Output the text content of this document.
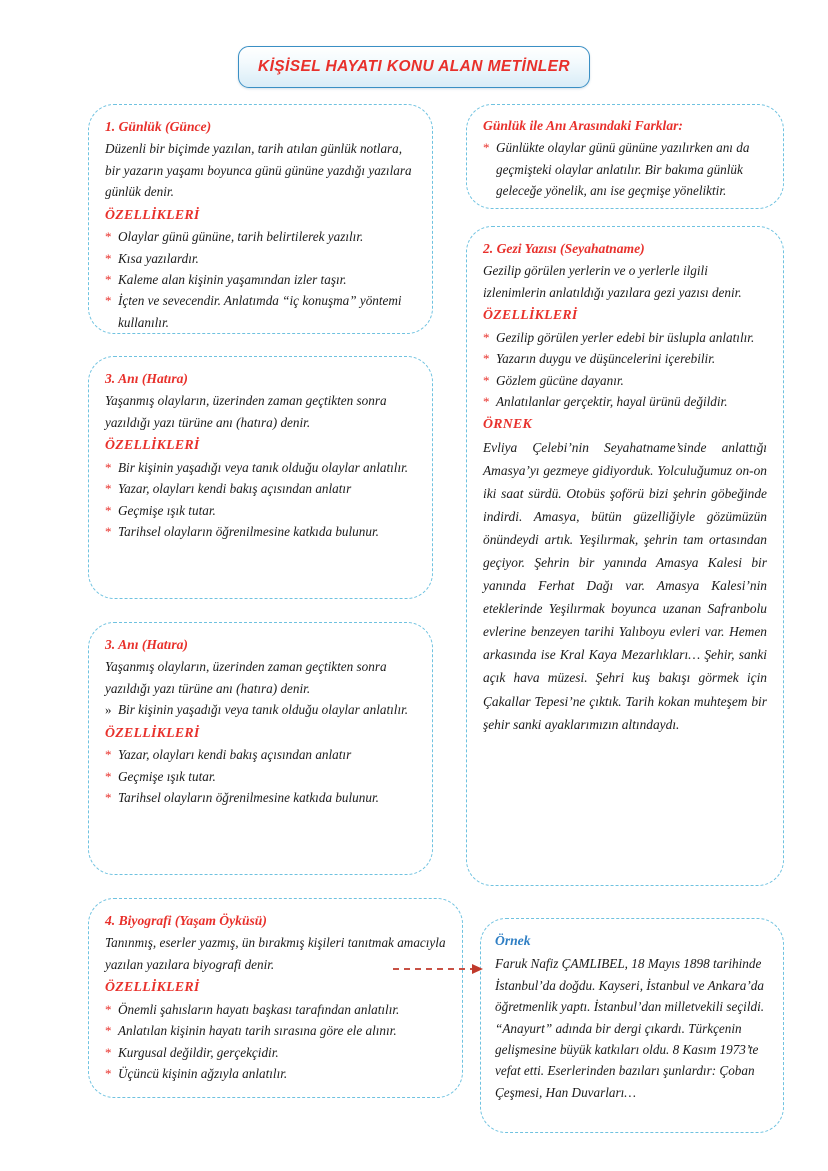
KİŞİSEL HAYATI KONU ALAN METİNLER
1. Günlük (Günce)

Düzenli bir biçimde yazılan, tarih atılan günlük notlara, bir yazarın yaşamı boyunca günü gününe yazdığı yazılara günlük denir.

ÖZELLİKLERİ
* Olaylar günü gününe, tarih belirtilerek yazılır.
* Kısa yazılardır.
* Kaleme alan kişinin yaşamından izler taşır.
* İçten ve sevecendir. Anlatımda “iç konuşma” yöntemi kullanılır.
Günlük ile Anı Arasındaki Farklar:
* Günlükte olaylar günü gününe yazılırken anı da geçmişteki olaylar anlatılır. Bir bakıma günlük geleceğe yönelik, anı ise geçmişe yöneliktir.
2. Gezi Yazısı (Seyahatname)

Gezilip görülen yerlerin ve o yerlerle ilgili izlenimlerin anlatıldığı yazılara gezi yazısı denir.

ÖZELLİKLERİ
* Gezilip görülen yerler edebi bir üslupla anlatılır.
* Yazarın duygu ve düşüncelerini içerebilir.
* Gözlem gücüne dayanır.
* Anlatılanlar gerçektir, hayal ürünü değildir.
ÖRNEK

Evliya Çelebi’nin Seyahatname’sinde anlattığı Amasya’yı gezmeye gidiyorduk. Yolculuğumuz on-on iki saat sürdü. Otobüs şoförü bizi şehrin göbeğinde indirdi. Amasya, bütün güzelliğiyle gözümüzün önündeydi artık. Yeşilırmak, şehrin tam ortasından geçiyor. Şehrin bir yanında Amasya Kalesi bir yanında Ferhat Dağı var. Amasya Kalesi’nin eteklerinde Yeşilırmak boyunca uzanan Safranbolu evlerine benzeyen tarihi Yalıboyu evleri var. Hemen arkasında ise Kral Kaya Mezarlıkları… Şehir, sanki açık hava müzesi. Şehri kuş bakışı görmek için Çakallar Tepesi’ne çıktık. Tarih kokan muhteşem bir şehir sanki ayaklarımızın altındaydı.

3. Anı (Hatıra)

Yaşanmış olayların, üzerinden zaman geçtikten sonra yazıldığı yazı türüne anı (hatıra) denir.

ÖZELLİKLERİ
* Bir kişinin yaşadığı veya tanık olduğu olaylar anlatılır.
* Yazar, olayları kendi bakış açısından anlatır
* Geçmişe ışık tutar.
* Tarihsel olayların öğrenilmesine katkıda bulunur.
3. Anı (Hatıra)

Yaşanmış olayların, üzerinden zaman geçtikten sonra yazıldığı yazı türüne anı (hatıra) denir.

» Bir kişinin yaşadığı veya tanık olduğu olaylar anlatılır.
ÖZELLİKLERİ
* Yazar, olayları kendi bakış açısından anlatır
* Geçmişe ışık tutar.
* Tarihsel olayların öğrenilmesine katkıda bulunur.
4. Biyografi (Yaşam Öyküsü)

Tanınmış, eserler yazmış, ün bırakmış kişileri tanıtmak amacıyla yazılan yazılara biyografi denir.

ÖZELLİKLERİ
* Önemli şahısların hayatı başkası tarafından anlatılır.
* Anlatılan kişinin hayatı tarih sırasına göre ele alınır.
* Kurgusal değildir, gerçekçidir.
* Üçüncü kişinin ağzıyla anlatılır.
Örnek

Faruk Nafiz ÇAMLIBEL, 18 Mayıs 1898 tarihinde İstanbul’da doğdu. Kayseri, İstanbul ve Ankara’da öğretmenlik yaptı. İstanbul’dan milletvekili seçildi. “Anayurt” adında bir dergi çıkardı. Türkçenin gelişmesine büyük katkıları oldu. 8 Kasım 1973’te vefat etti. Eserlerinden bazıları şunlardır: Çoban Çeşmesi, Han Duvarları…
